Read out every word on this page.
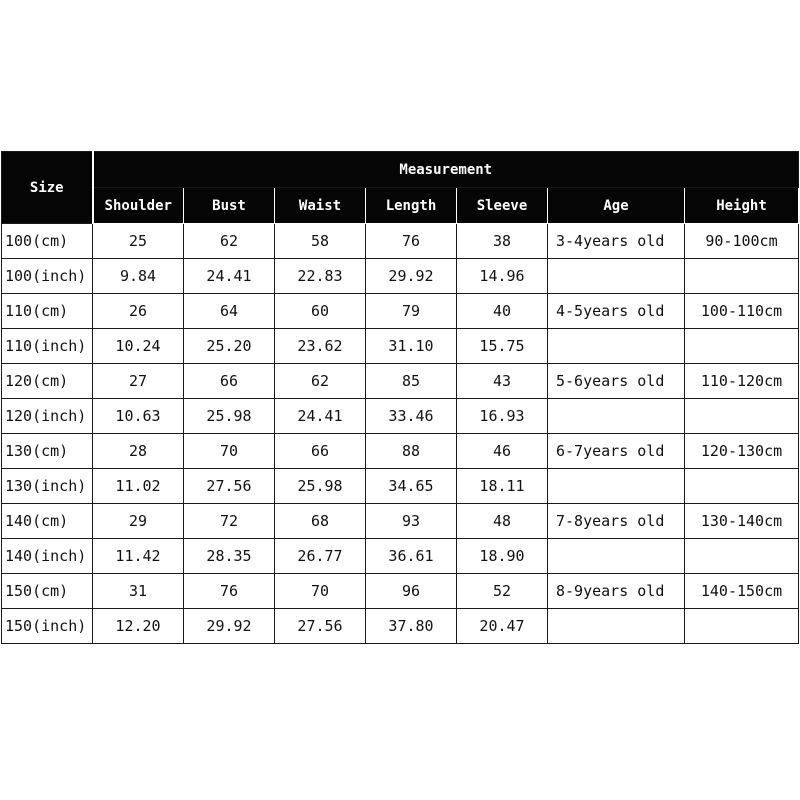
Size	Measurement						
	Shoulder	Bust	Waist	Length	Sleeve	Age	Height
100(cm)	25	62	58	76	38	3-4years old	90-100cm
100(inch)	9.84	24.41	22.83	29.92	14.96		
110(cm)	26	64	60	79	40	4-5years old	100-110cm
110(inch)	10.24	25.20	23.62	31.10	15.75		
120(cm)	27	66	62	85	43	5-6years old	110-120cm
120(inch)	10.63	25.98	24.41	33.46	16.93		
130(cm)	28	70	66	88	46	6-7years old	120-130cm
130(inch)	11.02	27.56	25.98	34.65	18.11		
140(cm)	29	72	68	93	48	7-8years old	130-140cm
140(inch)	11.42	28.35	26.77	36.61	18.90		
150(cm)	31	76	70	96	52	8-9years old	140-150cm
150(inch)	12.20	29.92	27.56	37.80	20.47		
